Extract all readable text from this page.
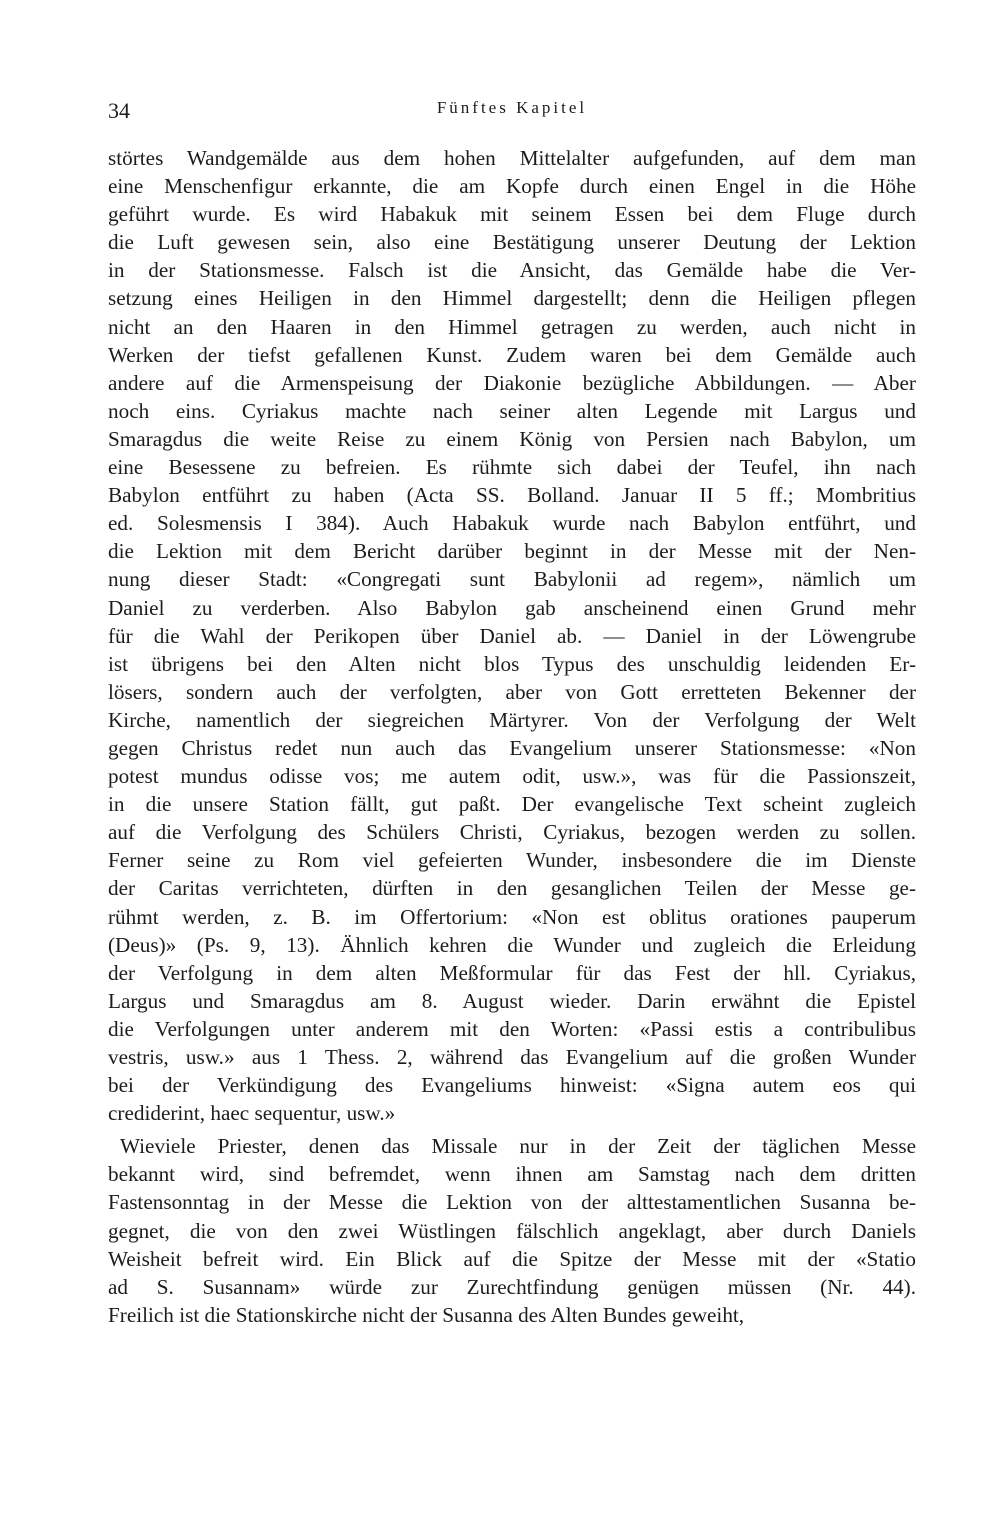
34	Fünftes Kapitel
störtes Wandgemälde aus dem hohen Mittelalter aufgefunden, auf dem man
eine Menschenfigur erkannte, die am Kopfe durch einen Engel in die Höhe
geführt wurde. Es wird Habakuk mit seinem Essen bei dem Fluge durch
die Luft gewesen sein, also eine Bestätigung unserer Deutung der Lektion
in der Stationsmesse. Falsch ist die Ansicht, das Gemälde habe die Ver-
setzung eines Heiligen in den Himmel dargestellt; denn die Heiligen pflegen
nicht an den Haaren in den Himmel getragen zu werden, auch nicht in
Werken der tiefst gefallenen Kunst. Zudem waren bei dem Gemälde auch
andere auf die Armenspeisung der Diakonie bezügliche Abbildungen. — Aber
noch eins. Cyriakus machte nach seiner alten Legende mit Largus und
Smaragdus die weite Reise zu einem König von Persien nach Babylon, um
eine Besessene zu befreien. Es rühmte sich dabei der Teufel, ihn nach
Babylon entführt zu haben (Acta SS. Bolland. Januar II 5 ff.; Mombritius
ed. Solesmensis I 384). Auch Habakuk wurde nach Babylon entführt, und
die Lektion mit dem Bericht darüber beginnt in der Messe mit der Nen-
nung dieser Stadt: «Congregati sunt Babylonii ad regem», nämlich um
Daniel zu verderben. Also Babylon gab anscheinend einen Grund mehr
für die Wahl der Perikopen über Daniel ab. — Daniel in der Löwengrube
ist übrigens bei den Alten nicht blos Typus des unschuldig leidenden Er-
lösers, sondern auch der verfolgten, aber von Gott erretteten Bekenner der
Kirche, namentlich der siegreichen Märtyrer. Von der Verfolgung der Welt
gegen Christus redet nun auch das Evangelium unserer Stationsmesse: «Non
potest mundus odisse vos; me autem odit, usw.», was für die Passionszeit,
in die unsere Station fällt, gut paßt. Der evangelische Text scheint zugleich
auf die Verfolgung des Schülers Christi, Cyriakus, bezogen werden zu sollen.
Ferner seine zu Rom viel gefeierten Wunder, insbesondere die im Dienste
der Caritas verrichteten, dürften in den gesanglichen Teilen der Messe ge-
rühmt werden, z. B. im Offertorium: «Non est oblitus orationes pauperum
(Deus)» (Ps. 9, 13). Ähnlich kehren die Wunder und zugleich die Erleidung
der Verfolgung in dem alten Meßformular für das Fest der hll. Cyriakus,
Largus und Smaragdus am 8. August wieder. Darin erwähnt die Epistel
die Verfolgungen unter anderem mit den Worten: «Passi estis a contribulibus
vestris, usw.» aus 1 Thess. 2, während das Evangelium auf die großen Wunder
bei der Verkündigung des Evangeliums hinweist: «Signa autem eos qui
crediderint, haec sequentur, usw.»
Wieviele Priester, denen das Missale nur in der Zeit der täglichen Messe
bekannt wird, sind befremdet, wenn ihnen am Samstag nach dem dritten
Fastensonntag in der Messe die Lektion von der alttestamentlichen Susanna be-
gegnet, die von den zwei Wüstlingen fälschlich angeklagt, aber durch Daniels
Weisheit befreit wird. Ein Blick auf die Spitze der Messe mit der «Statio
ad S. Susannam» würde zur Zurechtfindung genügen müssen (Nr. 44).
Freilich ist die Stationskirche nicht der Susanna des Alten Bundes geweiht,
